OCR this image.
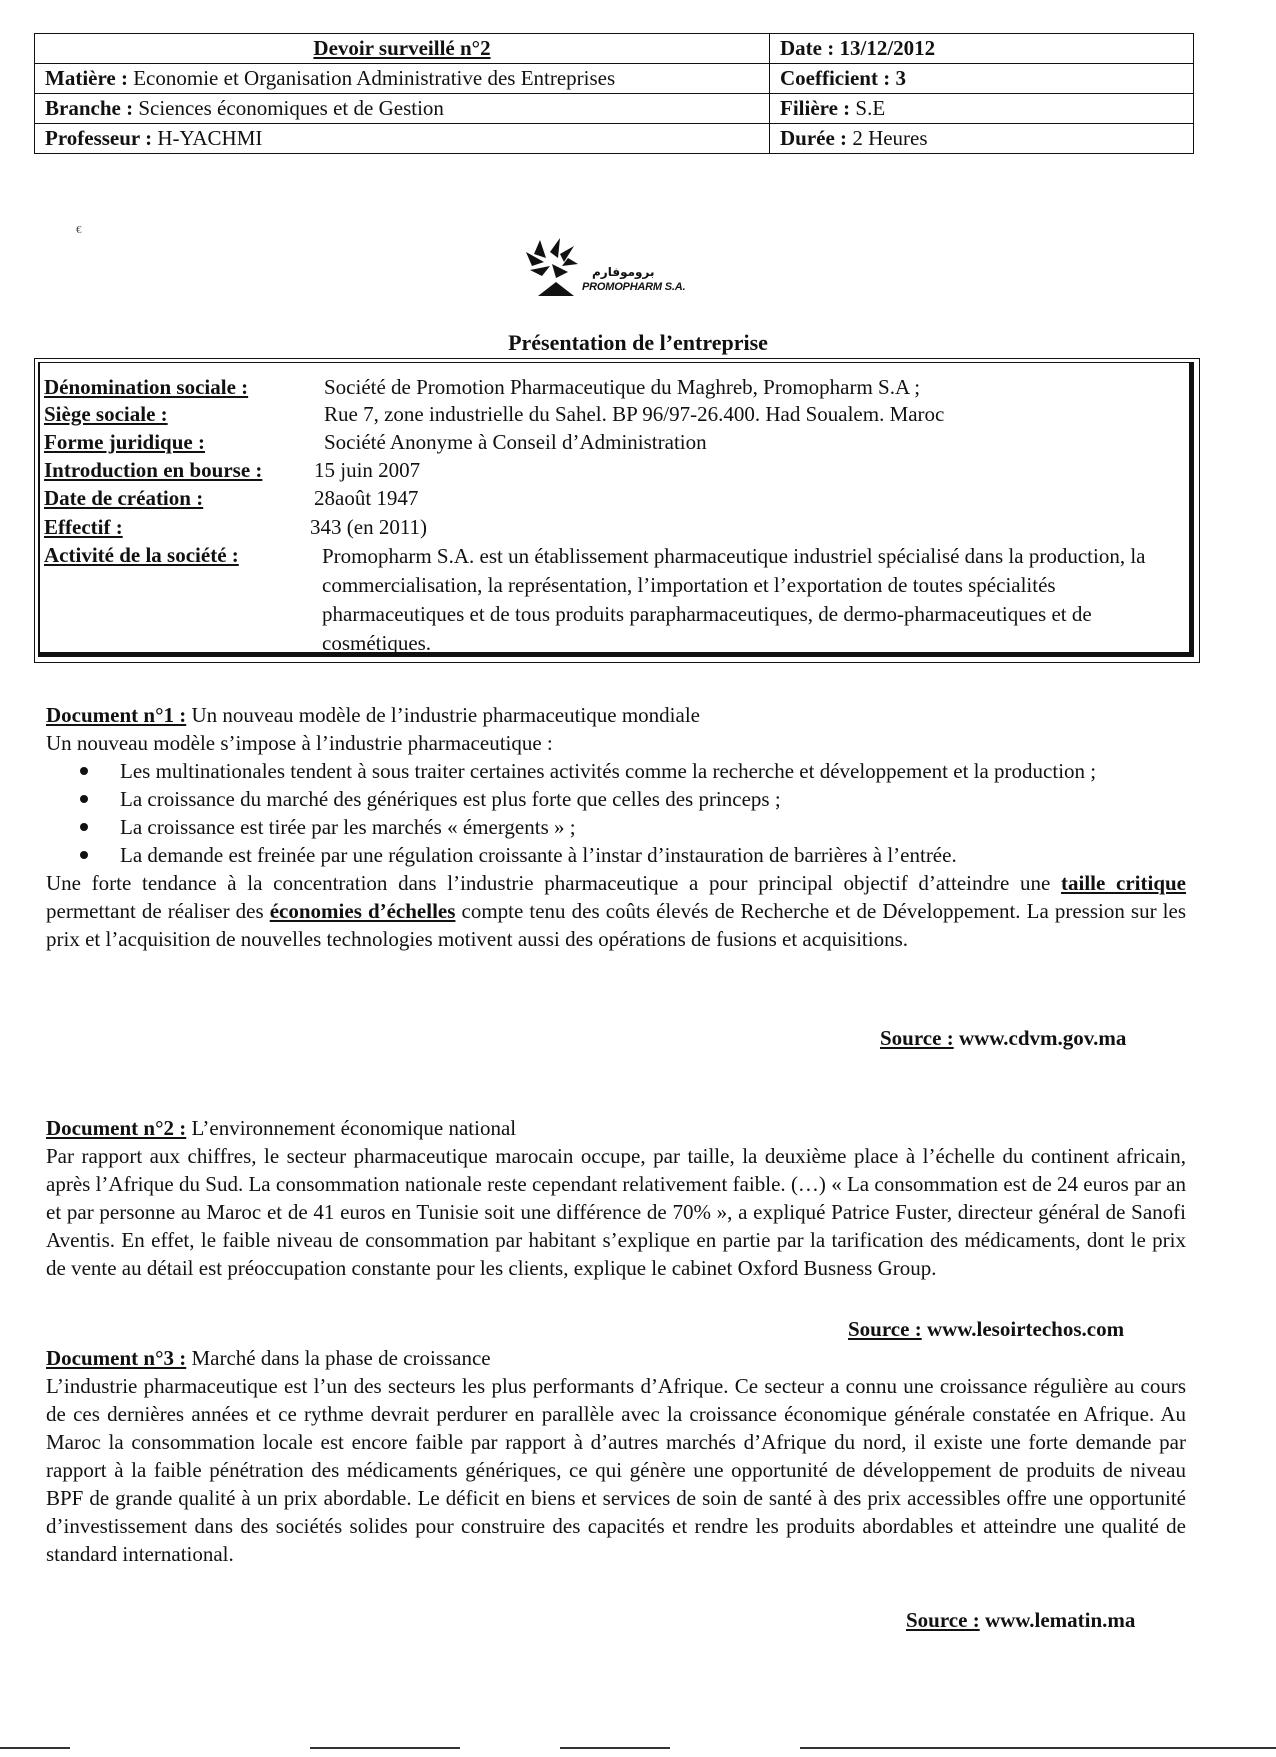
Devoir surveillé n°2	Date : 13/12/2012
Matière : Economie et Organisation Administrative des Entreprises	Coefficient : 3
Branche : Sciences économiques et de Gestion	Filière : S.E
Professeur : H-YACHMI	Durée : 2 Heures
€
بروموفارم
PROMOPHARM S.A.
Présentation de l’entreprise
Dénomination sociale :	Société de Promotion Pharmaceutique du Maghreb, Promopharm S.A ;
Siège sociale :	Rue 7, zone industrielle du Sahel. BP 96/97-26.400. Had Soualem. Maroc
Forme juridique :	Société Anonyme à Conseil d’Administration
Introduction en bourse : 15 juin 2007
Date de création :	28août 1947
Effectif :	343 (en 2011)
Activité de la société :	Promopharm S.A. est un établissement pharmaceutique industriel spécialisé dans la production, la commercialisation, la représentation, l’importation et l’exportation de toutes spécialités pharmaceutiques et de tous produits parapharmaceutiques, de dermo-pharmaceutiques et de cosmétiques.

Document n°1 : Un nouveau modèle de l’industrie pharmaceutique mondiale

Un nouveau modèle s’impose à l’industrie pharmaceutique :

Les multinationales tendent à sous traiter certaines activités comme la recherche et développement et la production ;
La croissance du marché des génériques est plus forte que celles des princeps ;
La croissance est tirée par les marchés « émergents » ;
La demande est freinée par une régulation croissante à l’instar d’instauration de barrières à l’entrée.

Une forte tendance à la concentration dans l’industrie pharmaceutique a pour principal objectif d’atteindre une taille critique permettant de réaliser des économies d’échelles compte tenu des coûts élevés de Recherche et de Développement. La pression sur les prix et l’acquisition de nouvelles technologies motivent aussi des opérations de fusions et acquisitions.

Source : www.cdvm.gov.ma

Document n°2 : L’environnement économique national

Par rapport aux chiffres, le secteur pharmaceutique marocain occupe, par taille, la deuxième place à l’échelle du continent africain, après l’Afrique du Sud. La consommation nationale reste cependant relativement faible. (…) « La consommation est de 24 euros par an et par personne au Maroc et de 41 euros en Tunisie soit une différence de 70% », a expliqué Patrice Fuster, directeur général de Sanofi Aventis. En effet, le faible niveau de consommation par habitant s’explique en partie par la tarification des médicaments, dont le prix de vente au détail est préoccupation constante pour les clients, explique le cabinet Oxford Busness Group.

Source : www.lesoirtechos.com

Document n°3 : Marché dans la phase de croissance

L’industrie pharmaceutique est l’un des secteurs les plus performants d’Afrique. Ce secteur a connu une croissance régulière au cours de ces dernières années et ce rythme devrait perdurer en parallèle avec la croissance économique générale constatée en Afrique. Au Maroc la consommation locale est encore faible par rapport à d’autres marchés d’Afrique du nord, il existe une forte demande par rapport à la faible pénétration des médicaments génériques, ce qui génère une opportunité de développement de produits de niveau BPF de grande qualité à un prix abordable. Le déficit en biens et services de soin de santé à des prix accessibles offre une opportunité d’investissement dans des sociétés solides pour construire des capacités et rendre les produits abordables et atteindre une qualité de standard international.

Source : www.lematin.ma
